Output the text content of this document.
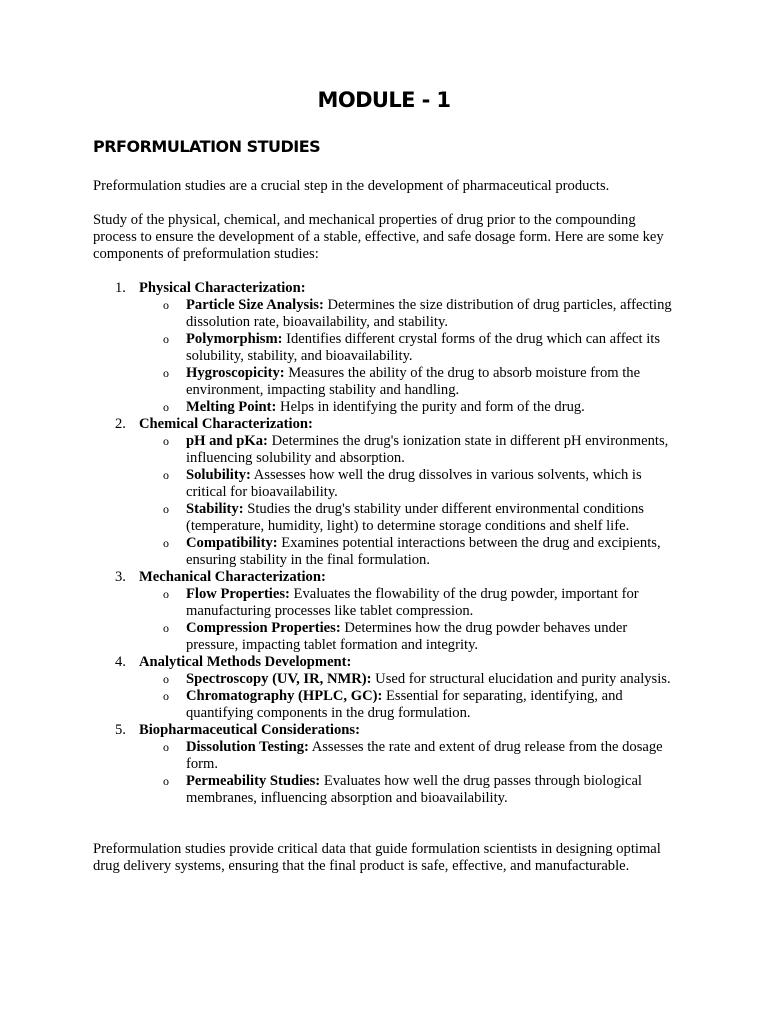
MODULE - 1
PRFORMULATION STUDIES

Preformulation studies are a crucial step in the development of pharmaceutical products.

Study of the physical, chemical, and mechanical properties of drug prior to the compounding process to ensure the development of a stable, effective, and safe dosage form. Here are some key components of preformulation studies:

1. Physical Characterization:
o Particle Size Analysis: Determines the size distribution of drug particles, affecting dissolution rate, bioavailability, and stability.
o Polymorphism: Identifies different crystal forms of the drug which can affect its solubility, stability, and bioavailability.
o Hygroscopicity: Measures the ability of the drug to absorb moisture from the environment, impacting stability and handling.
o Melting Point: Helps in identifying the purity and form of the drug.
2. Chemical Characterization:
o pH and pKa: Determines the drug's ionization state in different pH environments, influencing solubility and absorption.
o Solubility: Assesses how well the drug dissolves in various solvents, which is critical for bioavailability.
o Stability: Studies the drug's stability under different environmental conditions (temperature, humidity, light) to determine storage conditions and shelf life.
o Compatibility: Examines potential interactions between the drug and excipients, ensuring stability in the final formulation.
3. Mechanical Characterization:
o Flow Properties: Evaluates the flowability of the drug powder, important for manufacturing processes like tablet compression.
o Compression Properties: Determines how the drug powder behaves under pressure, impacting tablet formation and integrity.
4. Analytical Methods Development:
o Spectroscopy (UV, IR, NMR): Used for structural elucidation and purity analysis.
o Chromatography (HPLC, GC): Essential for separating, identifying, and quantifying components in the drug formulation.
5. Biopharmaceutical Considerations:
o Dissolution Testing: Assesses the rate and extent of drug release from the dosage form.
o Permeability Studies: Evaluates how well the drug passes through biological membranes, influencing absorption and bioavailability.

Preformulation studies provide critical data that guide formulation scientists in designing optimal drug delivery systems, ensuring that the final product is safe, effective, and manufacturable.
